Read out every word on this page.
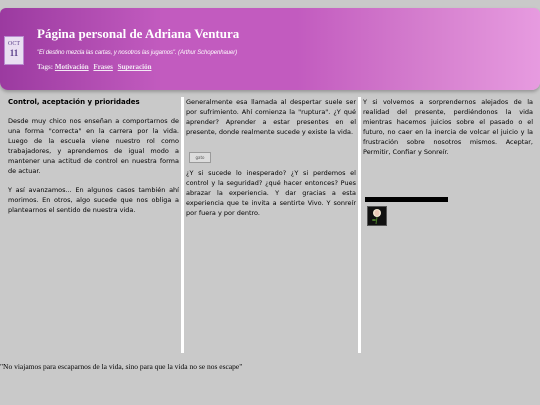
OCT
11
Página personal de Adriana Ventura
"El destino mezcla las cartas, y nosotros las jugamos". (Arthur Schopenhauer)
Tags: Motivación Frases Superación

Control, aceptación y prioridades

Desde muy chico nos enseñan a comportarnos de una forma "correcta" en la carrera por la vida. Luego de la escuela viene nuestro rol como trabajadores, y aprendemos de igual modo a mantener una actitud de control en nuestra forma de actuar.

Y así avanzamos... En algunos casos también ahí morimos. En otros, algo sucede que nos obliga a plantearnos el sentido de nuestra vida.

Generalmente esa llamada al despertar suele ser por sufrimiento. Ahí comienza la "ruptura". ¿Y qué aprender? Aprender a estar presentes en el presente, donde realmente sucede y existe la vida.

gato

¿Y si sucede lo inesperado? ¿Y si perdemos el control y la seguridad? ¿qué hacer entonces? Pues abrazar la experiencia. Y dar gracias a esta experiencia que te invita a sentirte Vivo. Y sonreír por fuera y por dentro.

Y si volvemos a sorprendernos alejados de la realidad del presente, perdiéndonos la vida mientras hacemos juicios sobre el pasado o el futuro, no caer en la inercia de volcar el juicio y la frustración sobre nosotros mismos. Aceptar, Permitir, Confiar y Sonreír.

"No viajamos para escaparnos de la vida, sino para que la vida no se nos escape"
